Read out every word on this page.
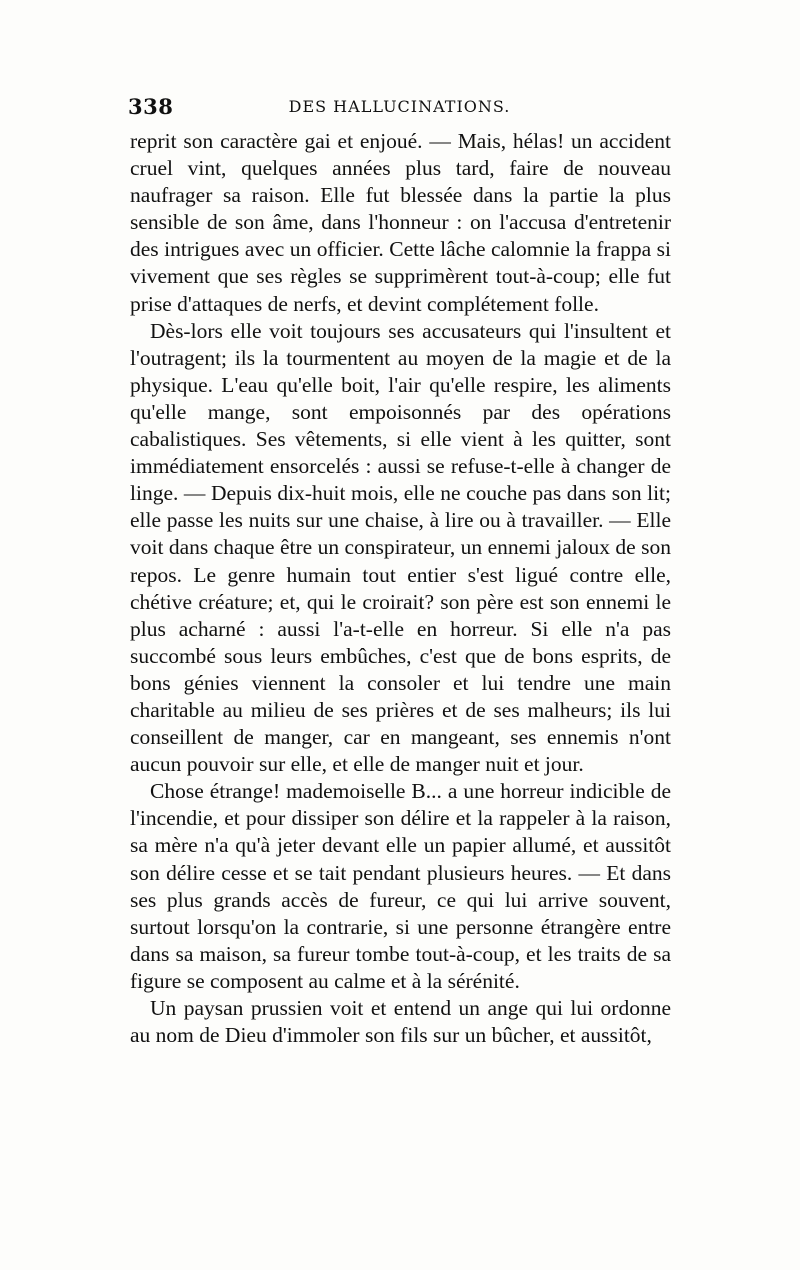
338	DES HALLUCINATIONS.

reprit son caractère gai et enjoué. — Mais, hélas! un accident cruel vint, quelques années plus tard, faire de nouveau naufrager sa raison. Elle fut blessée dans la partie la plus sensible de son âme, dans l'honneur : on l'accusa d'entretenir des intrigues avec un officier. Cette lâche calomnie la frappa si vivement que ses règles se supprimèrent tout-à-coup; elle fut prise d'attaques de nerfs, et devint complétement folle.

Dès-lors elle voit toujours ses accusateurs qui l'insultent et l'outragent; ils la tourmentent au moyen de la magie et de la physique. L'eau qu'elle boit, l'air qu'elle respire, les aliments qu'elle mange, sont empoisonnés par des opérations cabalistiques. Ses vêtements, si elle vient à les quitter, sont immédiatement ensorcelés : aussi se refuse-t-elle à changer de linge. — Depuis dix-huit mois, elle ne couche pas dans son lit; elle passe les nuits sur une chaise, à lire ou à travailler. — Elle voit dans chaque être un conspirateur, un ennemi jaloux de son repos. Le genre humain tout entier s'est ligué contre elle, chétive créature; et, qui le croirait? son père est son ennemi le plus acharné : aussi l'a-t-elle en horreur. Si elle n'a pas succombé sous leurs embûches, c'est que de bons esprits, de bons génies viennent la consoler et lui tendre une main charitable au milieu de ses prières et de ses malheurs; ils lui conseillent de manger, car en mangeant, ses ennemis n'ont aucun pouvoir sur elle, et elle de manger nuit et jour.

Chose étrange! mademoiselle B... a une horreur indicible de l'incendie, et pour dissiper son délire et la rappeler à la raison, sa mère n'a qu'à jeter devant elle un papier allumé, et aussitôt son délire cesse et se tait pendant plusieurs heures. — Et dans ses plus grands accès de fureur, ce qui lui arrive souvent, surtout lorsqu'on la contrarie, si une personne étrangère entre dans sa maison, sa fureur tombe tout-à-coup, et les traits de sa figure se composent au calme et à la sérénité.

Un paysan prussien voit et entend un ange qui lui ordonne au nom de Dieu d'immoler son fils sur un bûcher, et aussitôt,
